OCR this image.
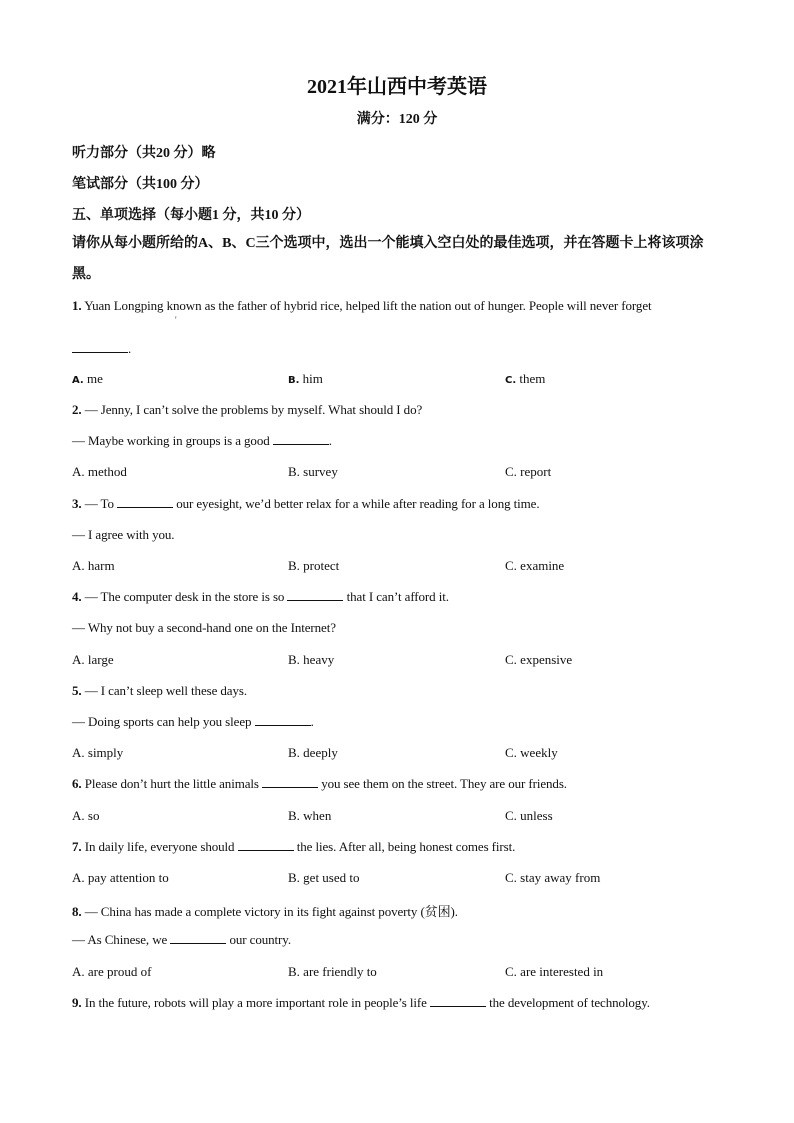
2021年山西中考英语
满分：120 分
听力部分（共20 分）略
笔试部分（共100 分）
五、单项选择（每小题1 分，共10 分）
请你从每小题所给的A、B、C三个选项中，选出一个能填入空白处的最佳选项，并在答题卡上将该项涂黑。
1. Yuan Longping known as the father of hybrid rice, helped lift the nation out of hunger. People will never forget
'
.
A. me	B. him	C. them
2. — Jenny, I can’t solve the problems by myself. What should I do?
— Maybe working in groups is a good	.
A. method	B. survey	C. report
3. — To	our eyesight, we’d better relax for a while after reading for a long time.
— I agree with you.
A. harm	B. protect	C. examine
4. — The computer desk in the store is so	that I can’t afford it.
— Why not buy a second-hand one on the Internet?
A. large	B. heavy	C. expensive
5. — I can’t sleep well these days.
— Doing sports can help you sleep	.
A. simply	B. deeply	C. weekly
6. Please don’t hurt the little animals	you see them on the street. They are our friends.
A. so	B. when	C. unless
7. In daily life, everyone should	the lies. After all, being honest comes first.
A. pay attention to	B. get used to	C. stay away from
8. — China has made a complete victory in its fight against poverty (贫困).
— As Chinese, we	our country.
A. are proud of	B. are friendly to	C. are interested in
9. In the future, robots will play a more important role in people’s life	the development of technology.
